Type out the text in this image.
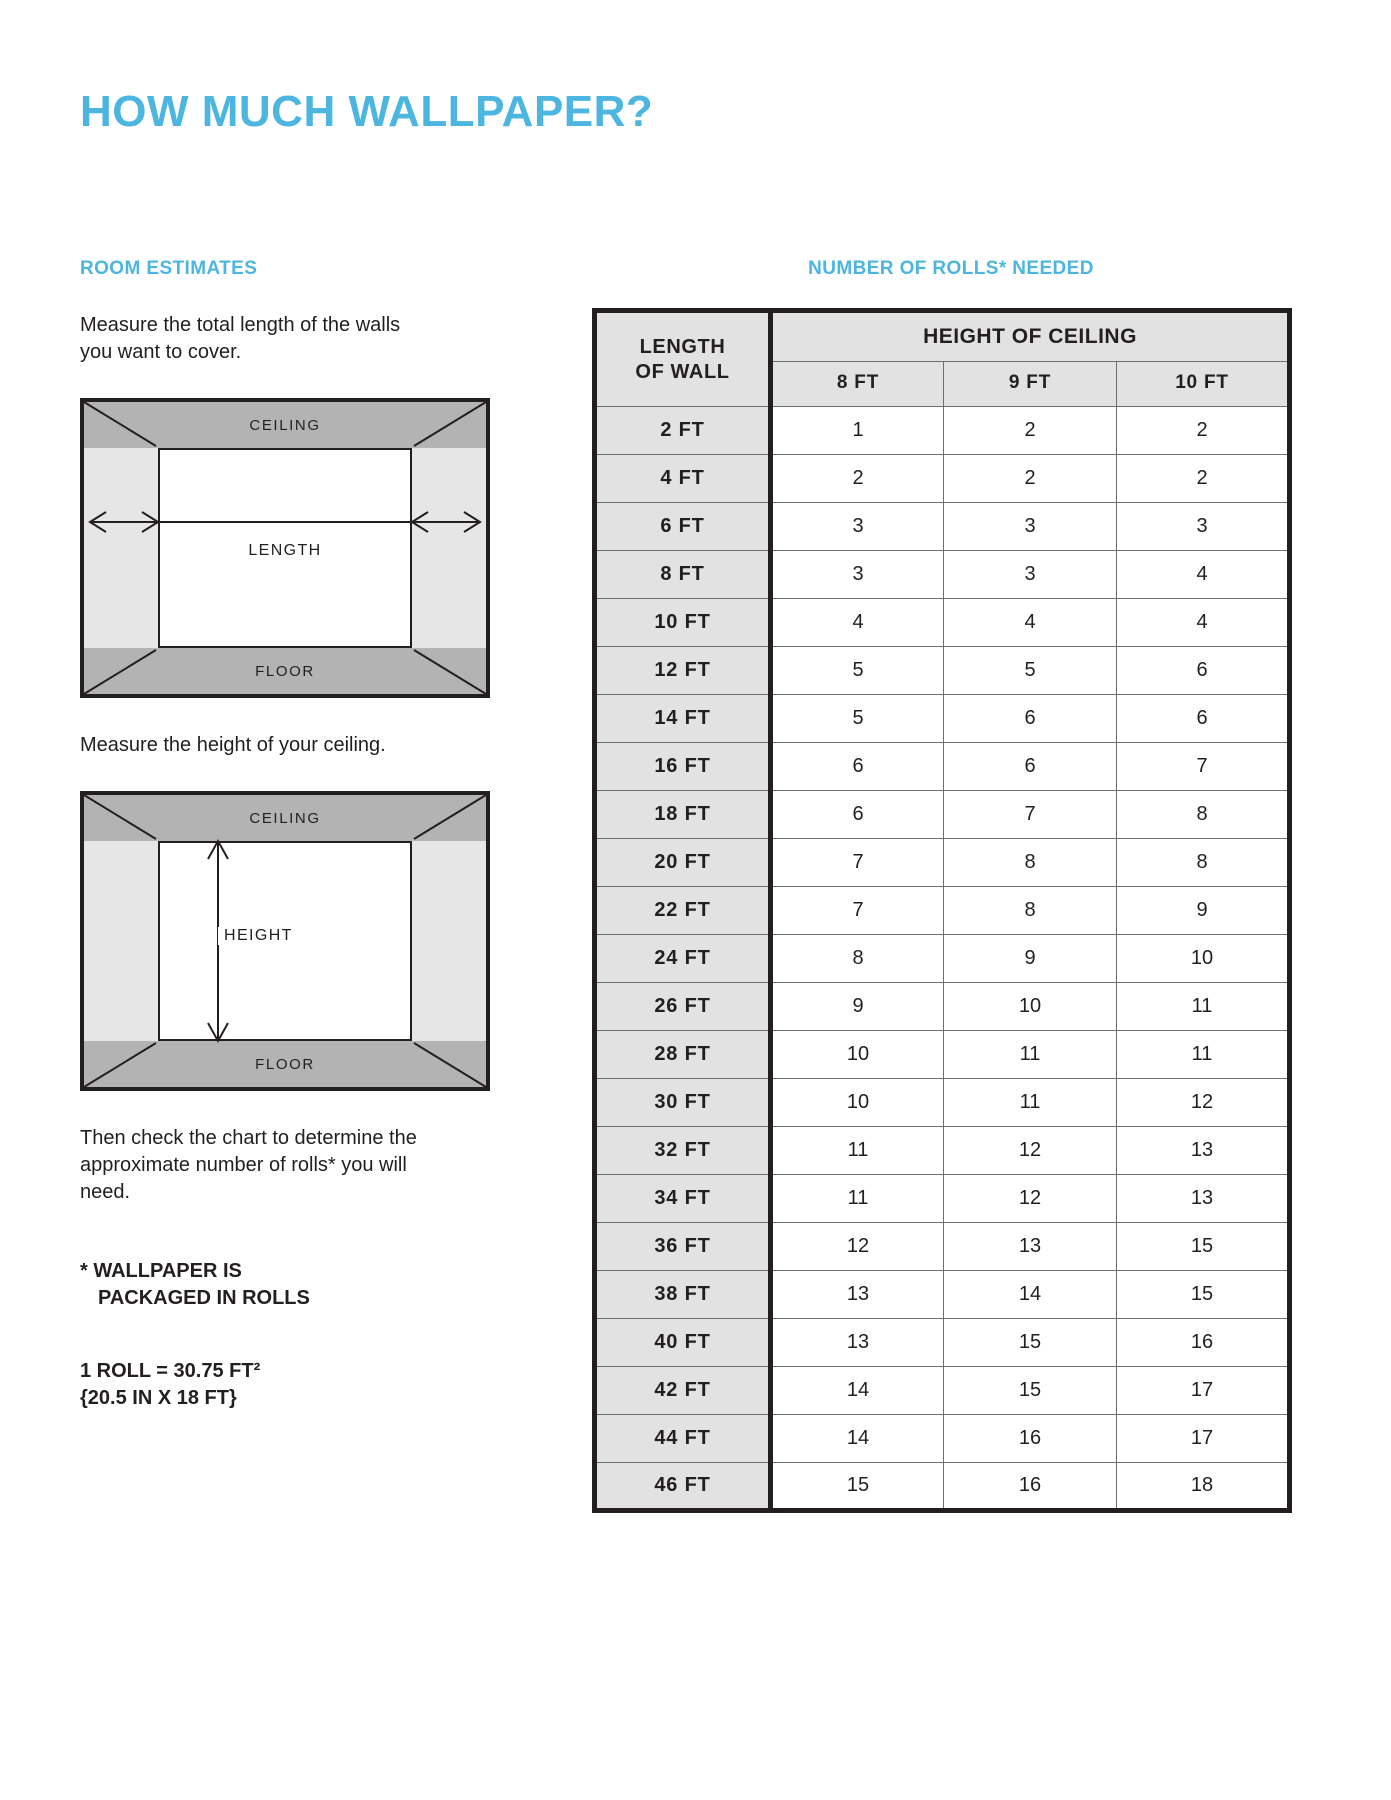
HOW MUCH WALLPAPER?
ROOM ESTIMATES

Measure the total length of the walls you want to cover.

CEILING
FLOOR
LENGTH

Measure the height of your ceiling.

CEILING
FLOOR
HEIGHT

Then check the chart to determine the approximate number of rolls* you will need.

* WALLPAPER IS

PACKAGED IN ROLLS

1 ROLL = 30.75 FT²

{20.5 IN X 18 FT}

NUMBER OF ROLLS* NEEDED
LENGTH
OF WALL	HEIGHT OF CEILING		
	8 FT	9 FT	10 FT
2 FT	1	2	2
4 FT	2	2	2
6 FT	3	3	3
8 FT	3	3	4
10 FT	4	4	4
12 FT	5	5	6
14 FT	5	6	6
16 FT	6	6	7
18 FT	6	7	8
20 FT	7	8	8
22 FT	7	8	9
24 FT	8	9	10
26 FT	9	10	11
28 FT	10	11	11
30 FT	10	11	12
32 FT	11	12	13
34 FT	11	12	13
36 FT	12	13	15
38 FT	13	14	15
40 FT	13	15	16
42 FT	14	15	17
44 FT	14	16	17
46 FT	15	16	18
